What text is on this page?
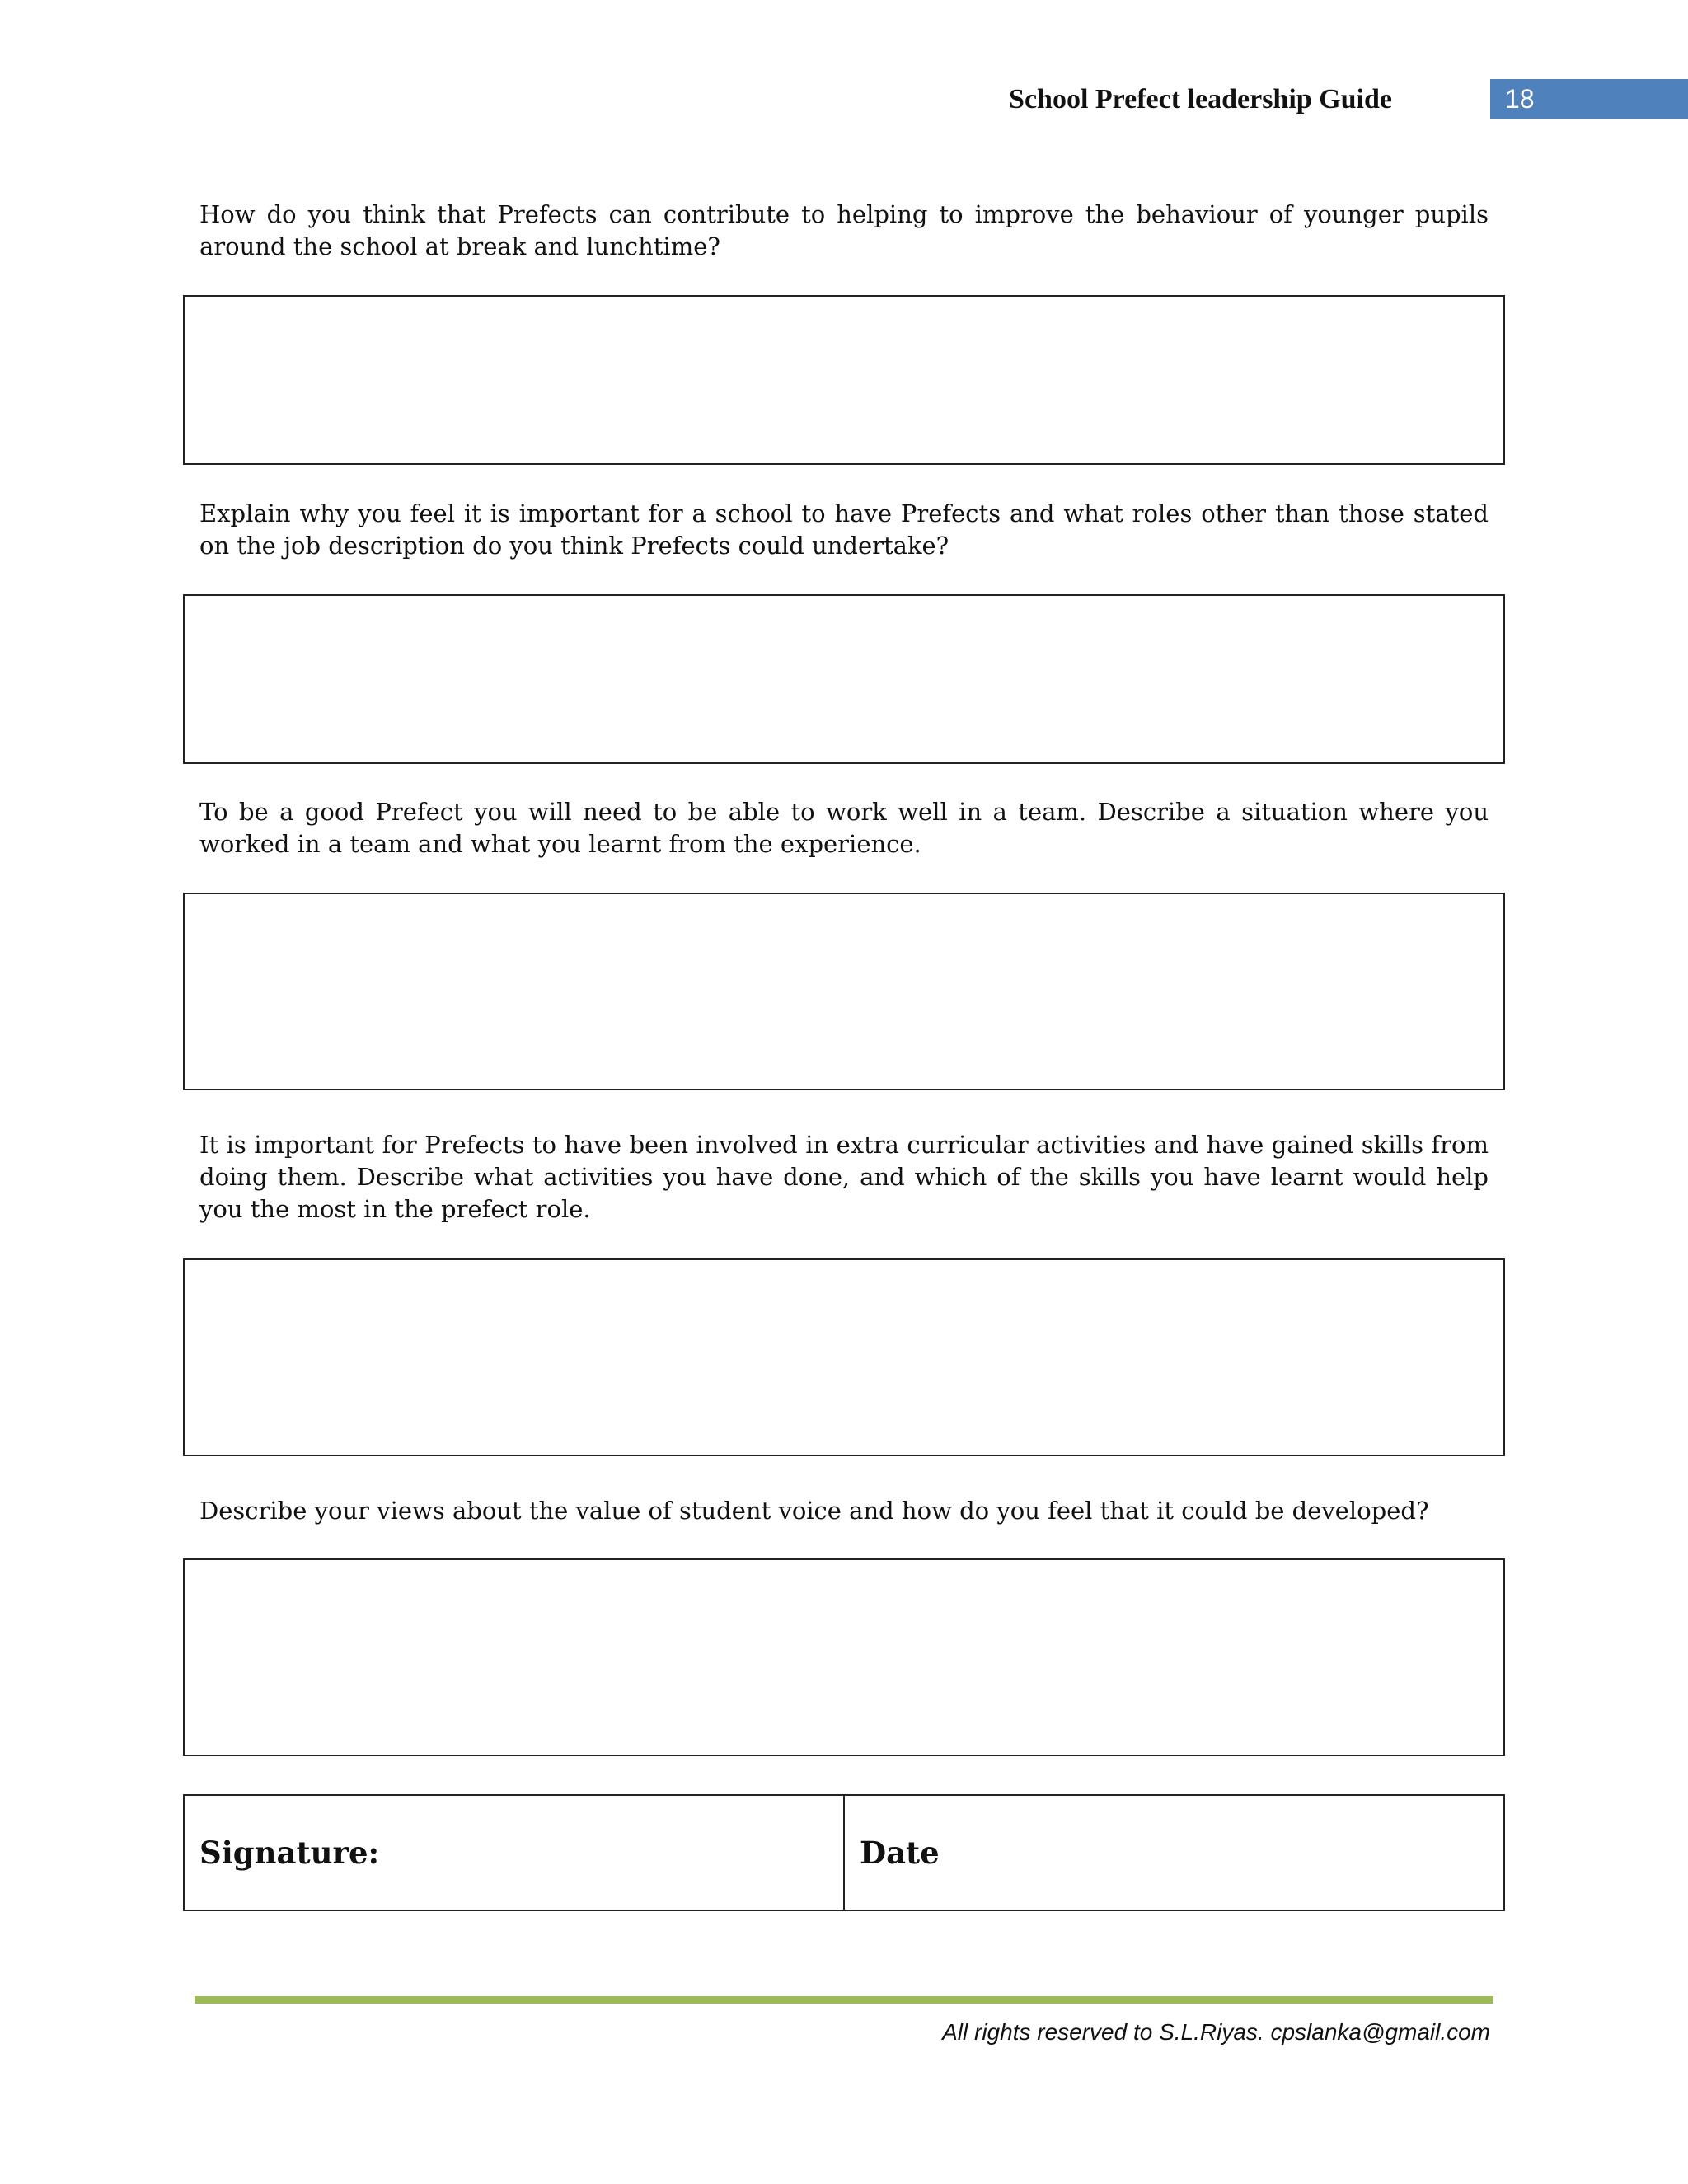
School Prefect leadership Guide	18
How do you think that Prefects can contribute to helping to improve the behaviour of younger pupils around the school at break and lunchtime?
Explain why you feel it is important for a school to have Prefects and what roles other than those stated on the job description do you think Prefects could undertake?
To be a good Prefect you will need to be able to work well in a team. Describe a situation where you worked in a team and what you learnt from the experience.
It is important for Prefects to have been involved in extra curricular activities and have gained skills from doing them. Describe what activities you have done, and which of the skills you have learnt would help you the most in the prefect role.
Describe your views about the value of student voice and how do you feel that it could be developed?
Signature:	Date
All rights reserved to S.L.Riyas. cpslanka@gmail.com
